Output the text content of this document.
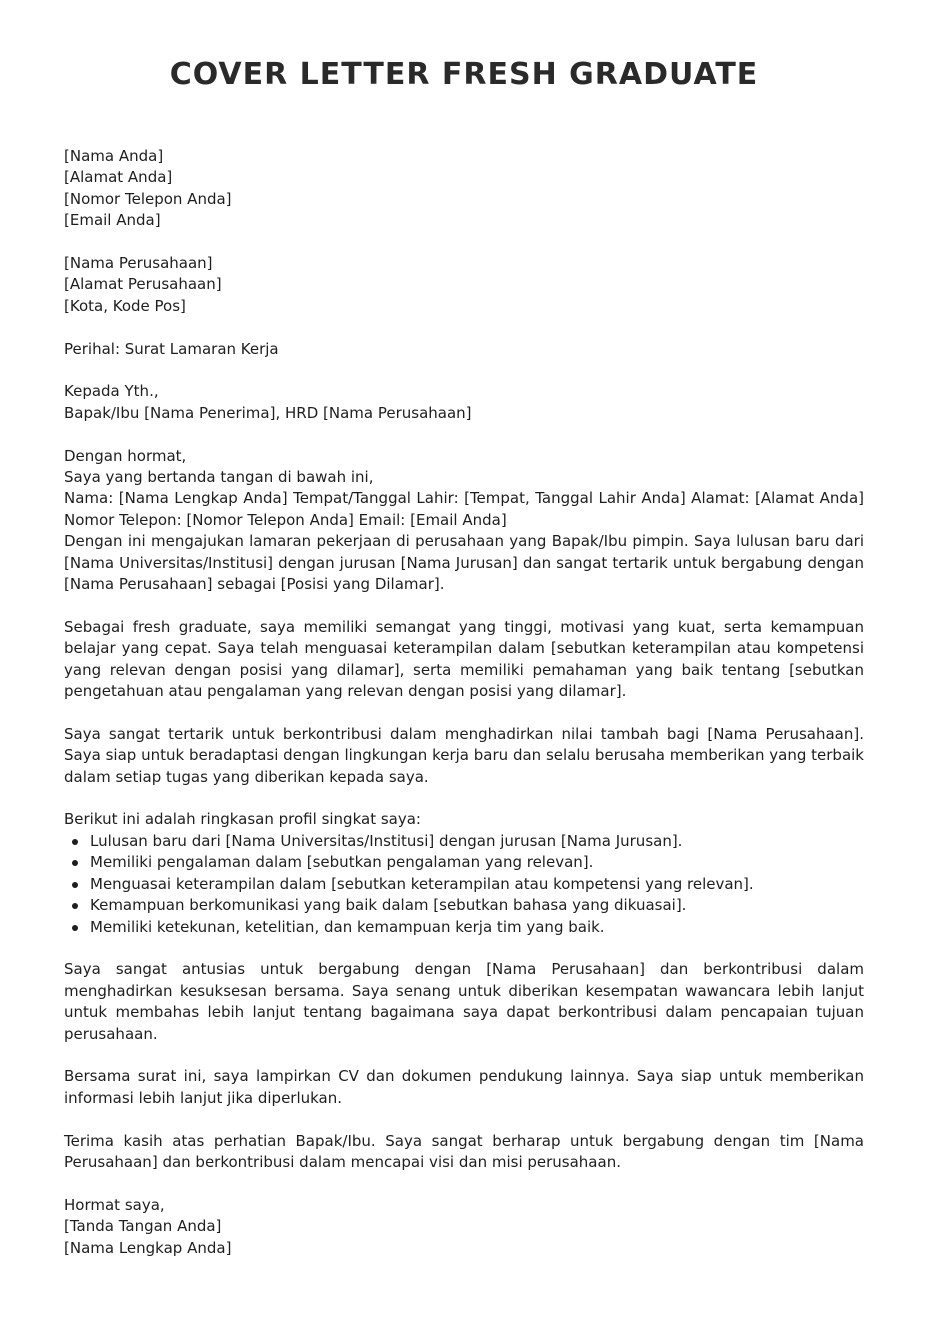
COVER LETTER FRESH GRADUATE
[Nama Anda]
[Alamat Anda]
[Nomor Telepon Anda]
[Email Anda]
[Nama Perusahaan]
[Alamat Perusahaan]
[Kota, Kode Pos]
Perihal: Surat Lamaran Kerja
Kepada Yth.,
Bapak/Ibu [Nama Penerima], HRD [Nama Perusahaan]
Dengan hormat,
Saya yang bertanda tangan di bawah ini,

Nama: [Nama Lengkap Anda] Tempat/Tanggal Lahir: [Tempat, Tanggal Lahir Anda] Alamat: [Alamat Anda] Nomor Telepon: [Nomor Telepon Anda] Email: [Email Anda]

Dengan ini mengajukan lamaran pekerjaan di perusahaan yang Bapak/Ibu pimpin. Saya lulusan baru dari [Nama Universitas/Institusi] dengan jurusan [Nama Jurusan] dan sangat tertarik untuk bergabung dengan [Nama Perusahaan] sebagai [Posisi yang Dilamar].

Sebagai fresh graduate, saya memiliki semangat yang tinggi, motivasi yang kuat, serta kemampuan belajar yang cepat. Saya telah menguasai keterampilan dalam [sebutkan keterampilan atau kompetensi yang relevan dengan posisi yang dilamar], serta memiliki pemahaman yang baik tentang [sebutkan pengetahuan atau pengalaman yang relevan dengan posisi yang dilamar].

Saya sangat tertarik untuk berkontribusi dalam menghadirkan nilai tambah bagi [Nama Perusahaan]. Saya siap untuk beradaptasi dengan lingkungan kerja baru dan selalu berusaha memberikan yang terbaik dalam setiap tugas yang diberikan kepada saya.

Berikut ini adalah ringkasan profil singkat saya:
Lulusan baru dari [Nama Universitas/Institusi] dengan jurusan [Nama Jurusan].
Memiliki pengalaman dalam [sebutkan pengalaman yang relevan].
Menguasai keterampilan dalam [sebutkan keterampilan atau kompetensi yang relevan].
Kemampuan berkomunikasi yang baik dalam [sebutkan bahasa yang dikuasai].
Memiliki ketekunan, ketelitian, dan kemampuan kerja tim yang baik.

Saya sangat antusias untuk bergabung dengan [Nama Perusahaan] dan berkontribusi dalam menghadirkan kesuksesan bersama. Saya senang untuk diberikan kesempatan wawancara lebih lanjut untuk membahas lebih lanjut tentang bagaimana saya dapat berkontribusi dalam pencapaian tujuan perusahaan.

Bersama surat ini, saya lampirkan CV dan dokumen pendukung lainnya. Saya siap untuk memberikan informasi lebih lanjut jika diperlukan.

Terima kasih atas perhatian Bapak/Ibu. Saya sangat berharap untuk bergabung dengan tim [Nama Perusahaan] dan berkontribusi dalam mencapai visi dan misi perusahaan.

Hormat saya,
[Tanda Tangan Anda]
[Nama Lengkap Anda]
